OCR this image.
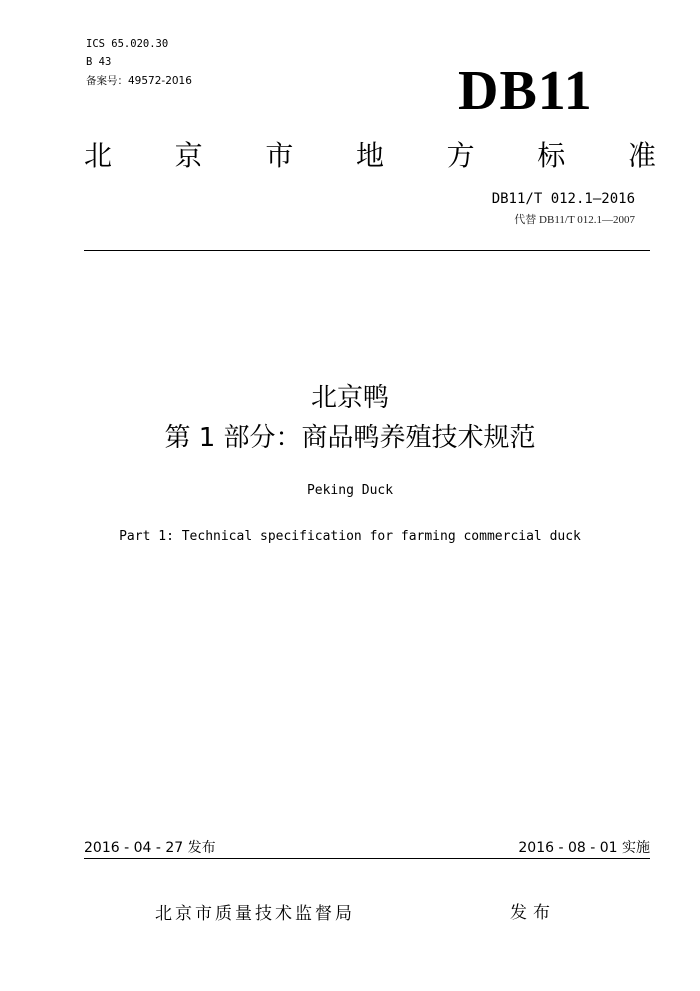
ICS 65.020.30
B 43
备案号：49572-2016	DB11
北 京 市 地 方 标 准
DB11/T 012.1—2016
代替 DB11/T 012.1—2007
北京鸭
第 1 部分：商品鸭养殖技术规范
Peking Duck
Part 1: Technical specification for farming commercial duck
2016 - 04 - 27 发布	2016 - 08 - 01 实施
北京市质量技术监督局	发布
